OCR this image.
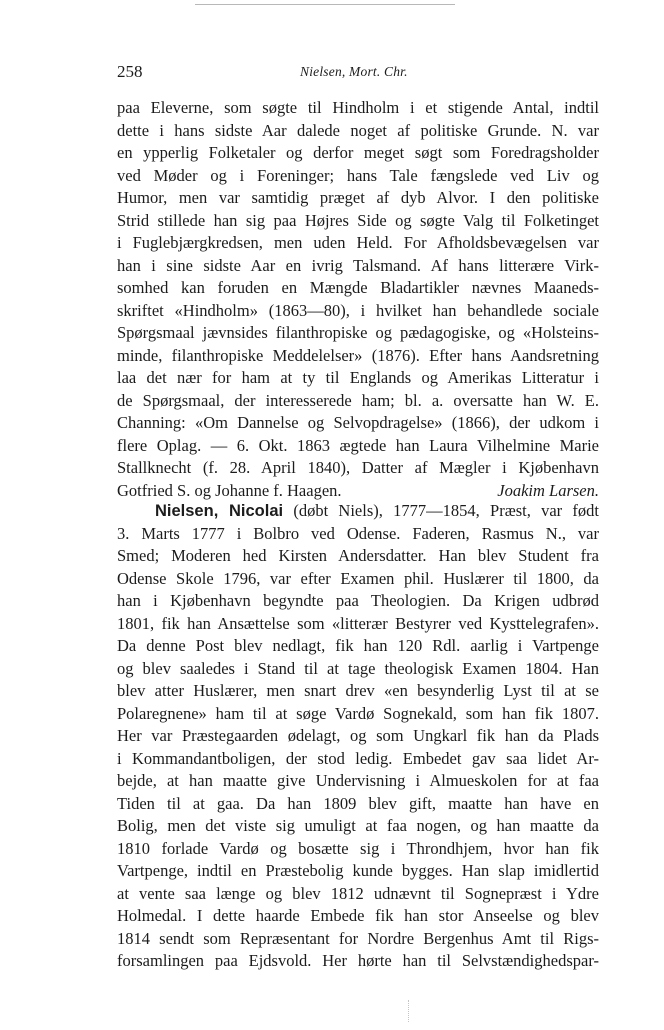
258	Nielsen, Mort. Chr.
paa Eleverne, som søgte til Hindholm i et stigende Antal, indtil
dette i hans sidste Aar dalede noget af politiske Grunde. N. var
en ypperlig Folketaler og derfor meget søgt som Foredragsholder
ved Møder og i Foreninger; hans Tale fængslede ved Liv og
Humor, men var samtidig præget af dyb Alvor. I den politiske
Strid stillede han sig paa Højres Side og søgte Valg til Folketinget
i Fuglebjærgkredsen, men uden Held. For Afholdsbevægelsen var
han i sine sidste Aar en ivrig Talsmand. Af hans litterære Virk-
somhed kan foruden en Mængde Bladartikler nævnes Maaneds-
skriftet «Hindholm» (1863—80), i hvilket han behandlede sociale
Spørgsmaal jævnsides filanthropiske og pædagogiske, og «Holsteins-
minde, filanthropiske Meddelelser» (1876). Efter hans Aandsretning
laa det nær for ham at ty til Englands og Amerikas Litteratur i
de Spørgsmaal, der interesserede ham; bl. a. oversatte han W. E.
Channing: «Om Dannelse og Selvopdragelse» (1866), der udkom i
flere Oplag. — 6. Okt. 1863 ægtede han Laura Vilhelmine Marie
Stallknecht (f. 28. April 1840), Datter af Mægler i Kjøbenhavn
Gotfried S. og Johanne f. Haagen.	Joakim Larsen.
Nielsen, Nicolai (døbt Niels), 1777—1854, Præst, var født
3. Marts 1777 i Bolbro ved Odense. Faderen, Rasmus N., var
Smed; Moderen hed Kirsten Andersdatter. Han blev Student fra
Odense Skole 1796, var efter Examen phil. Huslærer til 1800, da
han i Kjøbenhavn begyndte paa Theologien. Da Krigen udbrød
1801, fik han Ansættelse som «litterær Bestyrer ved Kysttelegrafen».
Da denne Post blev nedlagt, fik han 120 Rdl. aarlig i Vartpenge
og blev saaledes i Stand til at tage theologisk Examen 1804. Han
blev atter Huslærer, men snart drev «en besynderlig Lyst til at se
Polaregnene» ham til at søge Vardø Sognekald, som han fik 1807.
Her var Præstegaarden ødelagt, og som Ungkarl fik han da Plads
i Kommandantboligen, der stod ledig. Embedet gav saa lidet Ar-
bejde, at han maatte give Undervisning i Almueskolen for at faa
Tiden til at gaa. Da han 1809 blev gift, maatte han have en
Bolig, men det viste sig umuligt at faa nogen, og han maatte da
1810 forlade Vardø og bosætte sig i Throndhjem, hvor han fik
Vartpenge, indtil en Præstebolig kunde bygges. Han slap imidlertid
at vente saa længe og blev 1812 udnævnt til Sognepræst i Ydre
Holmedal. I dette haarde Embede fik han stor Anseelse og blev
1814 sendt som Repræsentant for Nordre Bergenhus Amt til Rigs-
forsamlingen paa Ejdsvold. Her hørte han til Selvstændighedspar-
